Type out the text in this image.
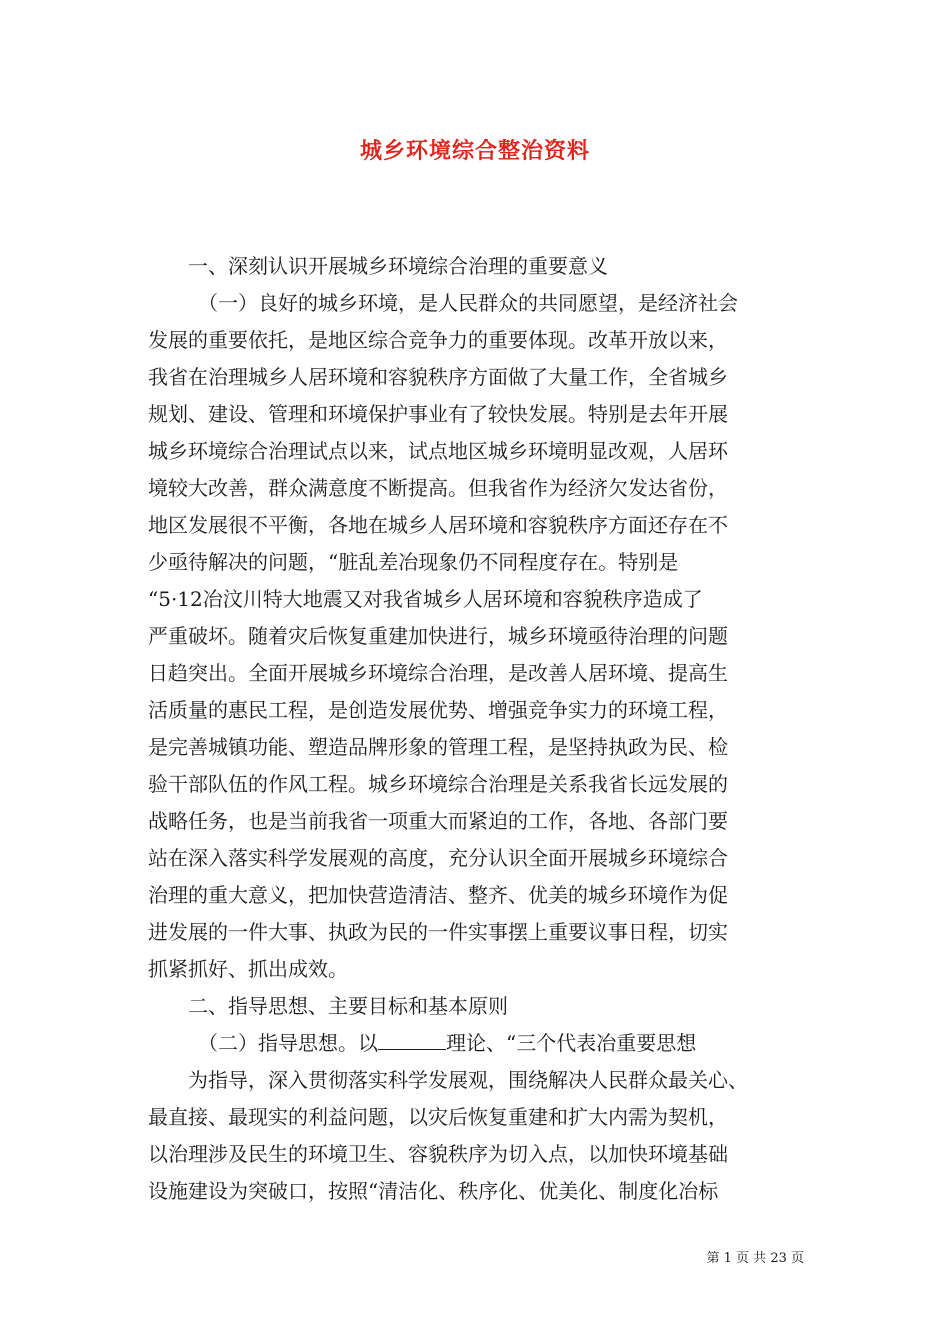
城乡环境综合整治资料
一、深刻认识开展城乡环境综合治理的重要意义
（一）良好的城乡环境，是人民群众的共同愿望，是经济社会
发展的重要依托，是地区综合竞争力的重要体现。改革开放以来，
我省在治理城乡人居环境和容貌秩序方面做了大量工作，全省城乡
规划、建设、管理和环境保护事业有了较快发展。特别是去年开展
城乡环境综合治理试点以来，试点地区城乡环境明显改观，人居环
境较大改善，群众满意度不断提高。但我省作为经济欠发达省份，
地区发展很不平衡，各地在城乡人居环境和容貌秩序方面还存在不
少亟待解决的问题，“脏乱差冶现象仍不同程度存在。特别是
“5·12冶汶川特大地震又对我省城乡人居环境和容貌秩序造成了
严重破坏。随着灾后恢复重建加快进行，城乡环境亟待治理的问题
日趋突出。全面开展城乡环境综合治理，是改善人居环境、提高生
活质量的惠民工程，是创造发展优势、增强竞争实力的环境工程，
是完善城镇功能、塑造品牌形象的管理工程，是坚持执政为民、检
验干部队伍的作风工程。城乡环境综合治理是关系我省长远发展的
战略任务，也是当前我省一项重大而紧迫的工作，各地、各部门要
站在深入落实科学发展观的高度，充分认识全面开展城乡环境综合
治理的重大意义，把加快营造清洁、整齐、优美的城乡环境作为促
进发展的一件大事、执政为民的一件实事摆上重要议事日程，切实
抓紧抓好、抓出成效。
二、指导思想、主要目标和基本原则
（二）指导思想。以	理论、“三个代表冶重要思想
为指导，深入贯彻落实科学发展观，围绕解决人民群众最关心、
最直接、最现实的利益问题，以灾后恢复重建和扩大内需为契机，
以治理涉及民生的环境卫生、容貌秩序为切入点，以加快环境基础
设施建设为突破口，按照“清洁化、秩序化、优美化、制度化冶标
第 1 页 共 23 页
